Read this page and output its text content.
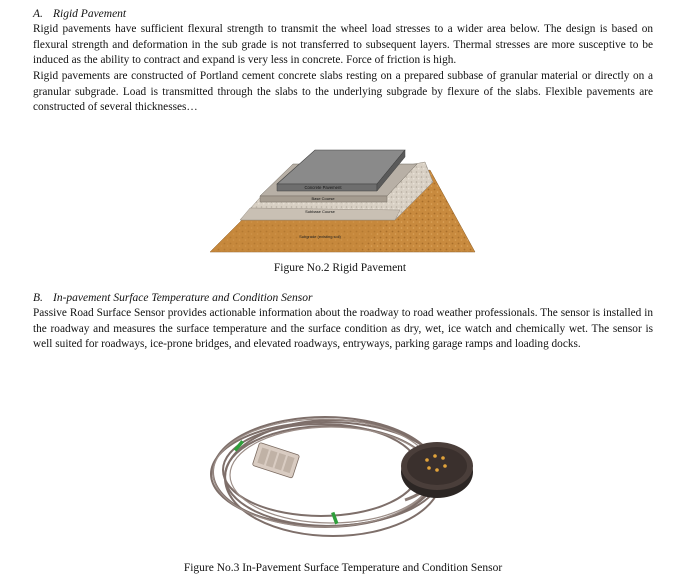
A. Rigid Pavement

Rigid pavements have sufficient flexural strength to transmit the wheel load stresses to a wider area below. The design is based on flexural strength and deformation in the sub grade is not transferred to subsequent layers. Thermal stresses are more susceptive to be induced as the ability to contract and expand is very less in concrete. Force of friction is high.

Rigid pavements are constructed of Portland cement concrete slabs resting on a prepared subbase of granular material or directly on a granular subgrade. Load is transmitted through the slabs to the underlying subgrade by flexure of the slabs. Flexible pavements are constructed of several thicknesses…

Concrete Pavement
Base Course
Subbase Course
Subgrade (existing soil)
Figure No.2 Rigid Pavement
B. In-pavement Surface Temperature and Condition Sensor

Passive Road Surface Sensor provides actionable information about the roadway to road weather professionals. The sensor is installed in the roadway and measures the surface temperature and the surface condition as dry, wet, ice watch and chemically wet. The sensor is well suited for roadways, ice-prone bridges, and elevated roadways, entryways, parking garage ramps and loading docks.

Figure No.3 In-Pavement Surface Temperature and Condition Sensor
